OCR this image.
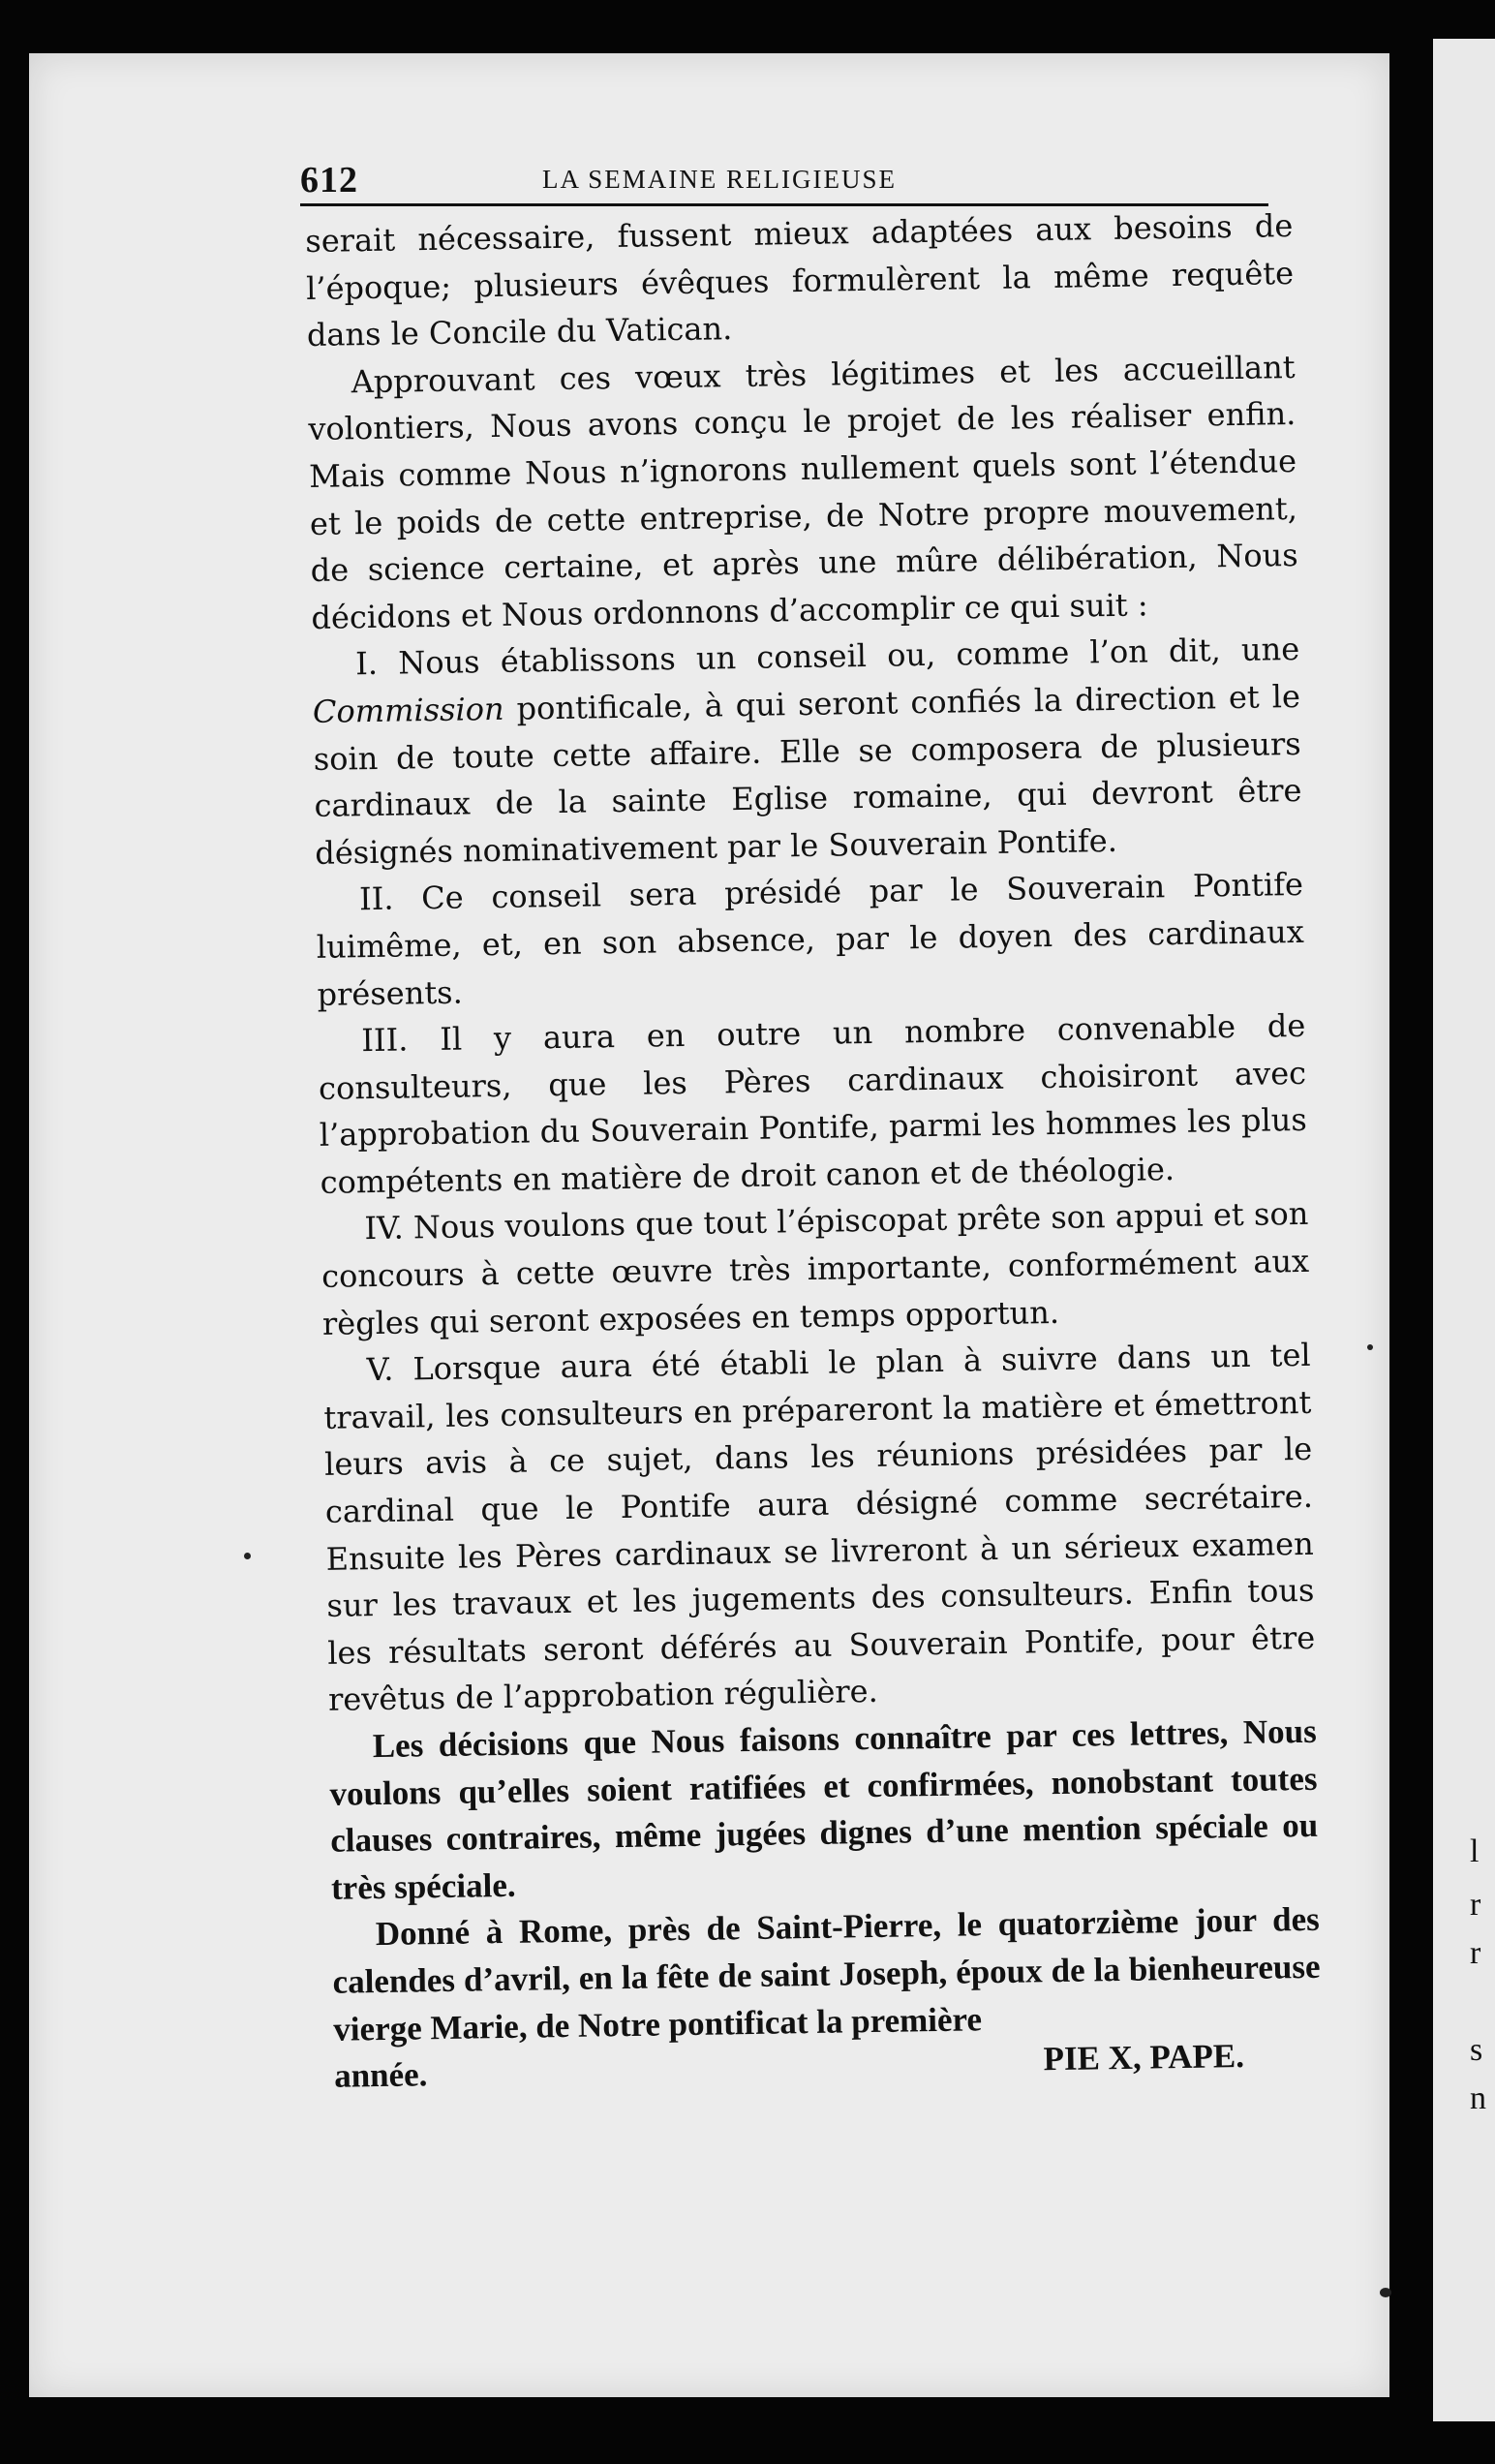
l
r
r
s
n
612	LA SEMAINE RELIGIEUSE

serait nécessaire, fussent mieux adaptées aux besoins de l’époque; plusieurs évêques formulèrent la même requête dans le Concile du Vatican.

Approuvant ces vœux très légitimes et les accueillant volontiers, Nous avons conçu le projet de les réaliser enfin. Mais comme Nous n’ignorons nullement quels sont l’étendue et le poids de cette entreprise, de Notre propre mouvement, de science certaine, et après une mûre délibération, Nous décidons et Nous ordonnons d’accomplir ce qui suit :

I. Nous établissons un conseil ou, comme l’on dit, une Commission pontificale, à qui seront confiés la direction et le soin de toute cette affaire. Elle se composera de plusieurs cardinaux de la sainte Eglise romaine, qui devront être désignés nominativement par le Souverain Pontife.

II. Ce conseil sera présidé par le Souverain Pontife luimême, et, en son absence, par le doyen des cardinaux présents.

III. Il y aura en outre un nombre convenable de consulteurs, que les Pères cardinaux choisiront avec l’approbation du Souverain Pontife, parmi les hommes les plus compétents en matière de droit canon et de théologie.

IV. Nous voulons que tout l’épiscopat prête son appui et son concours à cette œuvre très importante, conformément aux règles qui seront exposées en temps opportun.

V. Lorsque aura été établi le plan à suivre dans un tel travail, les consulteurs en prépareront la matière et émettront leurs avis à ce sujet, dans les réunions présidées par le cardinal que le Pontife aura désigné comme secrétaire. Ensuite les Pères cardinaux se livreront à un sérieux examen sur les travaux et les jugements des consulteurs. Enfin tous les résultats seront déférés au Souverain Pontife, pour être revêtus de l’approbation régulière.

Les décisions que Nous faisons connaître par ces lettres, Nous voulons qu’elles soient ratifiées et confirmées, nonobstant toutes clauses contraires, même jugées dignes d’une mention spéciale ou très spéciale.

Donné à Rome, près de Saint-Pierre, le quatorzième jour des calendes d’avril, en la fête de saint Joseph, époux de la bienheureuse vierge Marie, de Notre pontificat la première

année.	PIE X, PAPE.
